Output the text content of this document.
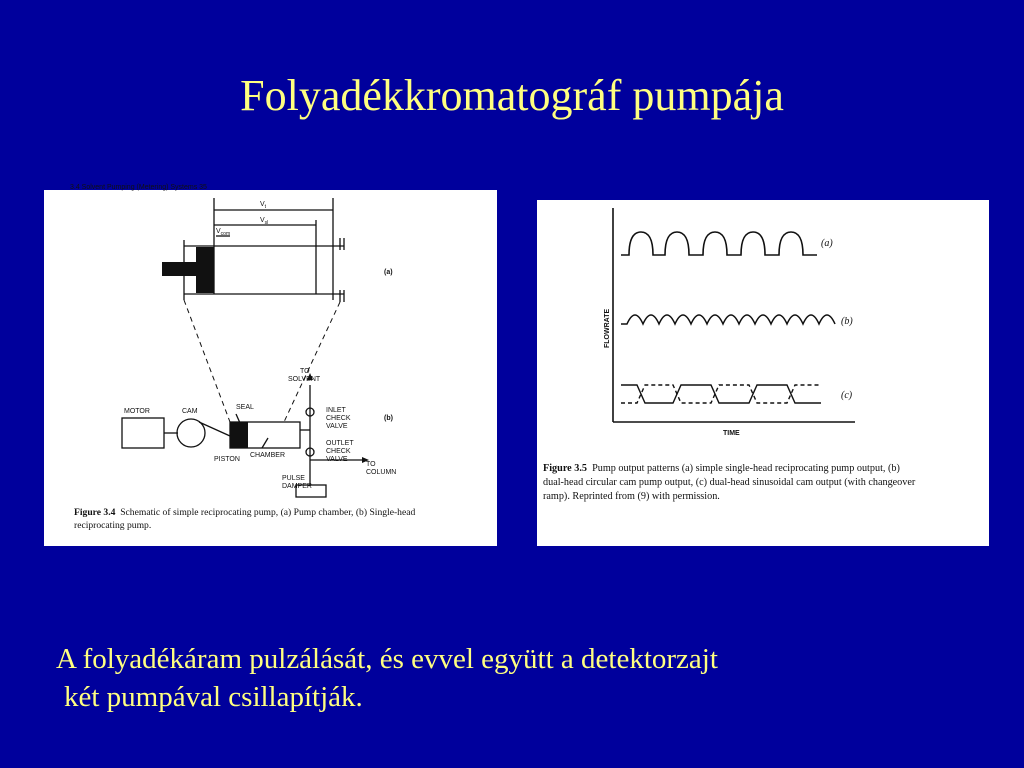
Folyadékkromatográf pumpája
3.4 Solvent Pumping (Metering) Systems 35
$V_t$
$V_{sl}$
$V_{com}$
(a)
MOTOR	CAM
SEAL
PISTON
CHAMBER
TO SOLVENT
INLET CHECK VALVE
OUTLET CHECK VALVE
TO COLUMN
PULSE DAMPER
(b)
Figure 3.4 Schematic of simple reciprocating pump, (a) Pump chamber, (b) Single-head
reciprocating pump.
FLOWRATE
TIME
(a)
(b)
(c)
Figure 3.5 Pump output patterns (a) simple single-head reciprocating pump output, (b)
dual-head circular cam pump output, (c) dual-head sinusoidal cam output (with changeover
ramp). Reprinted from (9) with permission.
A folyadékáram pulzálását, és evvel együtt a detektorzajt
két pumpával csillapítják.
